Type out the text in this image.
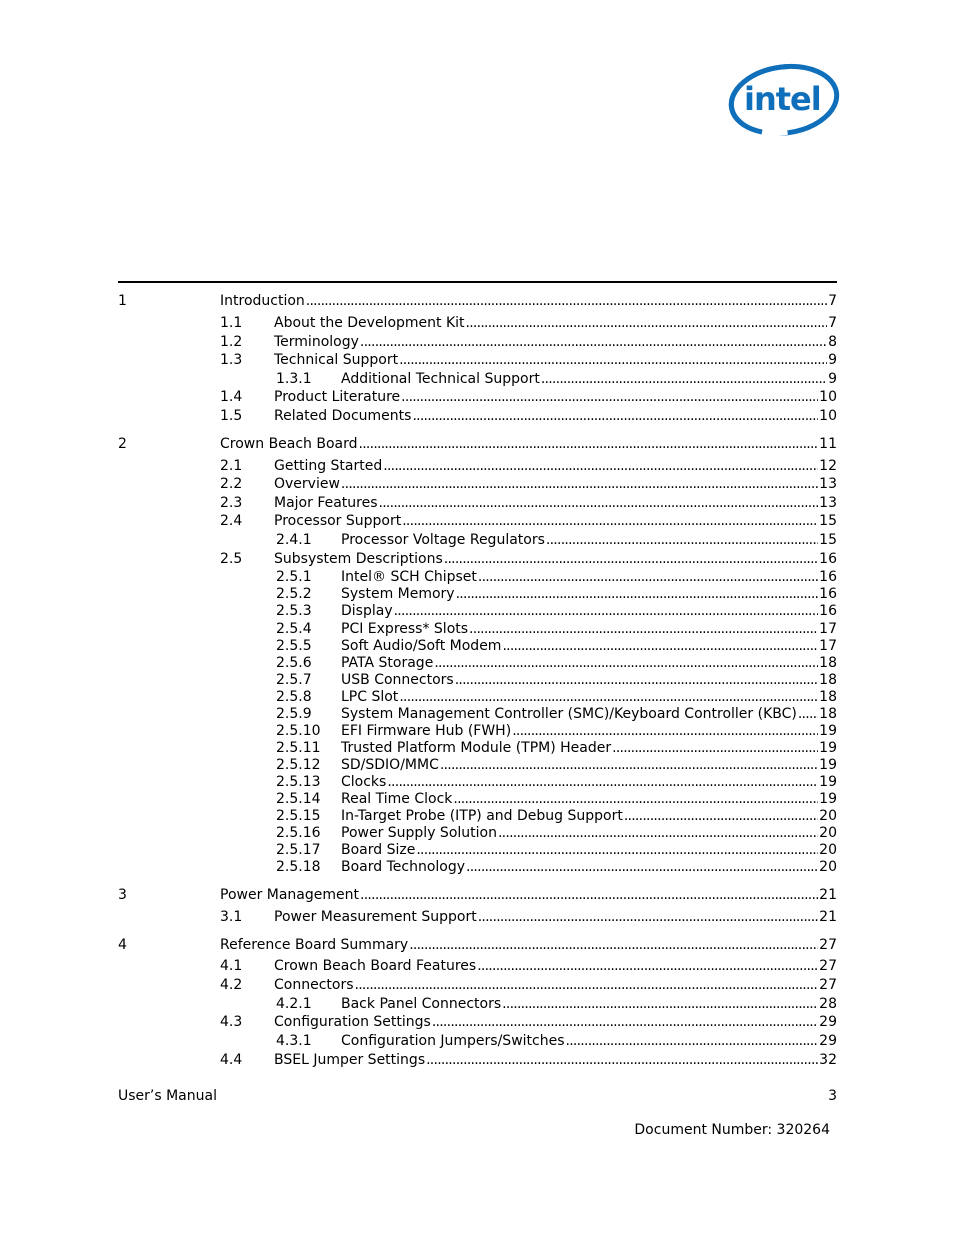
intel
1	Introduction . . .	7
1.1 About the Development Kit . . .	7
1.2 Terminology . . .	8
1.3 Technical Support . . .	9
1.3.1 Additional Technical Support . . .	9
1.4 Product Literature . . .	10
1.5 Related Documents . . .	10
2	Crown Beach Board . . .	11
2.1 Getting Started . . .	12
2.2 Overview . . .	13
2.3 Major Features . . .	13
2.4 Processor Support . . .	15
2.4.1 Processor Voltage Regulators . . .	15
2.5 Subsystem Descriptions . . .	16
2.5.1 Intel® SCH Chipset . . .	16
2.5.2 System Memory . . .	16
2.5.3 Display . . .	16
2.5.4 PCI Express* Slots . . .	17
2.5.5 Soft Audio/Soft Modem . . .	17
2.5.6 PATA Storage . . .	18
2.5.7 USB Connectors . . .	18
2.5.8 LPC Slot . . .	18
2.5.9 System Management Controller (SMC)/Keyboard Controller (KBC) . . . 18
2.5.10 EFI Firmware Hub (FWH) . . .	19
2.5.11 Trusted Platform Module (TPM) Header . . .	19
2.5.12 SD/SDIO/MMC . . .	19
2.5.13 Clocks . . .	19
2.5.14 Real Time Clock . . .	19
2.5.15 In-Target Probe (ITP) and Debug Support . . .	20
2.5.16 Power Supply Solution . . .	20
2.5.17 Board Size . . .	20
2.5.18 Board Technology . . .	20
3	Power Management . . .	21
3.1 Power Measurement Support . . .	21
4	Reference Board Summary . . .	27
4.1 Crown Beach Board Features . . .	27
4.2 Connectors . . .	27
4.2.1 Back Panel Connectors . . .	28
4.3 Configuration Settings . . .	29
4.3.1 Configuration Jumpers/Switches . . .	29
4.4 BSEL Jumper Settings . . .	32
User’s Manual	3
Document Number: 320264
